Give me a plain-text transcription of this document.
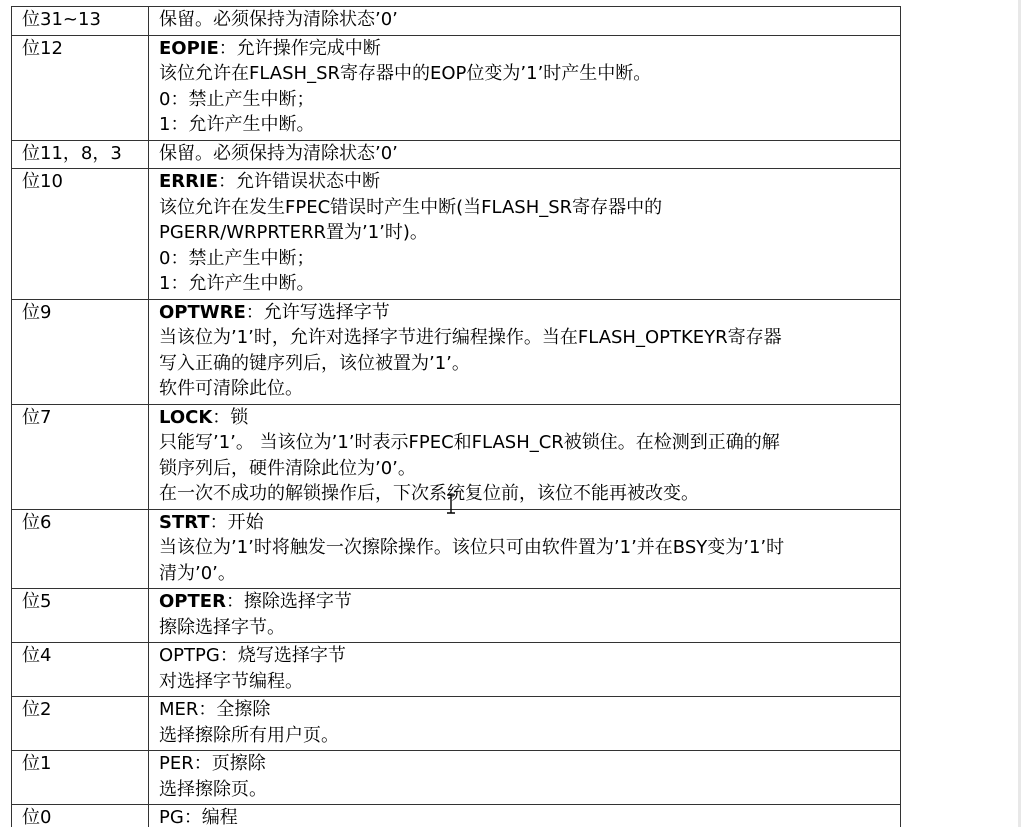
位31~13	保留。必须保持为清除状态’0’

位12	EOPIE：允许操作完成中断
该位允许在FLASH_SR寄存器中的EOP位变为’1’时产生中断。
0：禁止产生中断；
1：允许产生中断。

位11，8，3	保留。必须保持为清除状态’0’

位10	ERRIE：允许错误状态中断
该位允许在发生FPEC错误时产生中断(当FLASH_SR寄存器中的
PGERR/WRPRTERR置为’1’时)。
0：禁止产生中断；
1：允许产生中断。

位9	OPTWRE：允许写选择字节
当该位为’1’时，允许对选择字节进行编程操作。当在FLASH_OPTKEYR寄存器
写入正确的键序列后，该位被置为’1’。
软件可清除此位。

位7	LOCK：锁
只能写’1’。 当该位为’1’时表示FPEC和FLASH_CR被锁住。在检测到正确的解
锁序列后，硬件清除此位为’0’。
在一次不成功的解锁操作后，下次系统复位前，该位不能再被改变。

位6	STRT：开始
当该位为’1’时将触发一次擦除操作。该位只可由软件置为’1’并在BSY变为’1’时
清为’0’。

位5	OPTER：擦除选择字节
擦除选择字节。

位4	OPTPG：烧写选择字节
对选择字节编程。

位2	MER：全擦除
选择擦除所有用户页。

位1	PER：页擦除
选择擦除页。

位0	PG：编程
